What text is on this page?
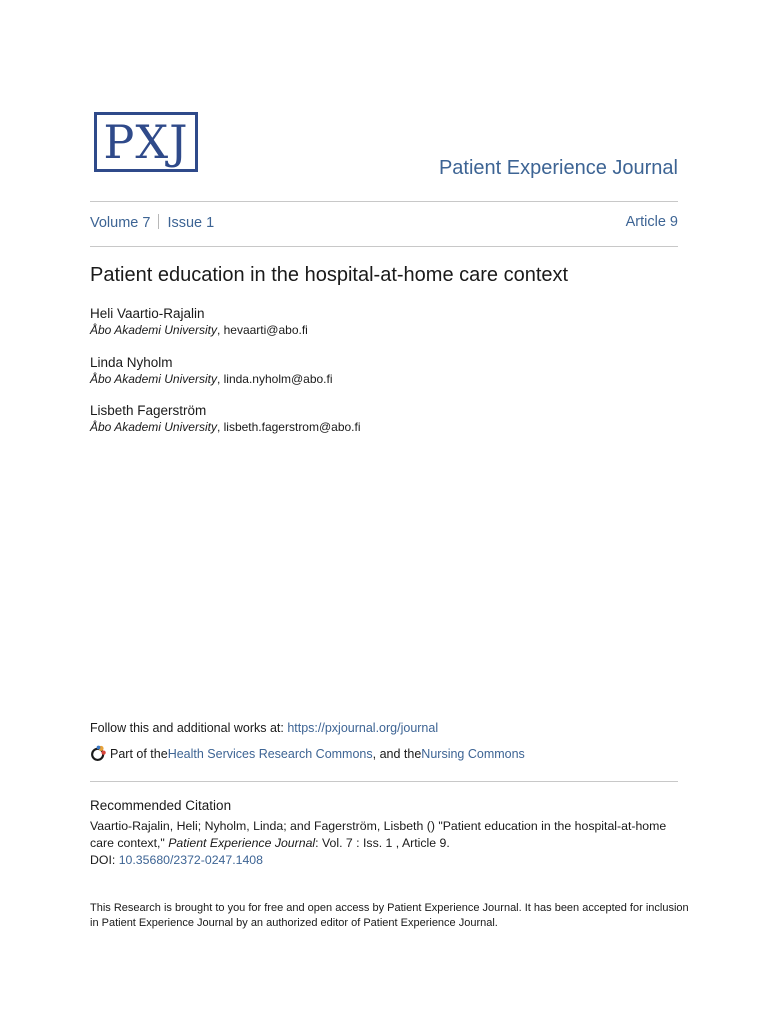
PXJ	Patient Experience Journal
Volume 7 Issue 1	Article 9
Patient education in the hospital-at-home care context
Heli Vaartio-Rajalin
Åbo Akademi University, hevaarti@abo.fi
Linda Nyholm
Åbo Akademi University, linda.nyholm@abo.fi
Lisbeth Fagerström
Åbo Akademi University, lisbeth.fagerstrom@abo.fi
Follow this and additional works at: https://pxjournal.org/journal
Part of the Health Services Research Commons , and the Nursing Commons
Recommended Citation
Vaartio-Rajalin, Heli; Nyholm, Linda; and Fagerström, Lisbeth () "Patient education in the hospital-at-home
care context," Patient Experience Journal: Vol. 7 : Iss. 1 , Article 9.
DOI: 10.35680/2372-0247.1408
This Research is brought to you for free and open access by Patient Experience Journal. It has been accepted for inclusion in Patient Experience Journal by an authorized editor of Patient Experience Journal.
